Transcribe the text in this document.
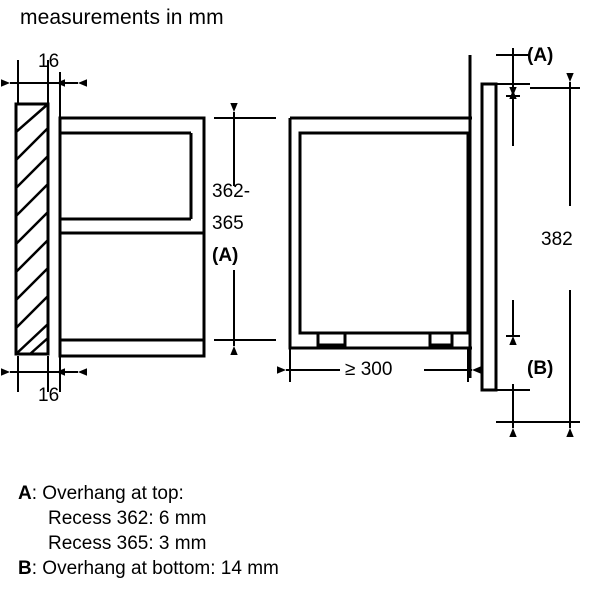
measurements in mm
16
16
362-
365
(A)
≥ 300
382
(A)
(B)
A: Overhang at top:
Recess 362: 6 mm
Recess 365: 3 mm
B: Overhang at bottom: 14 mm
